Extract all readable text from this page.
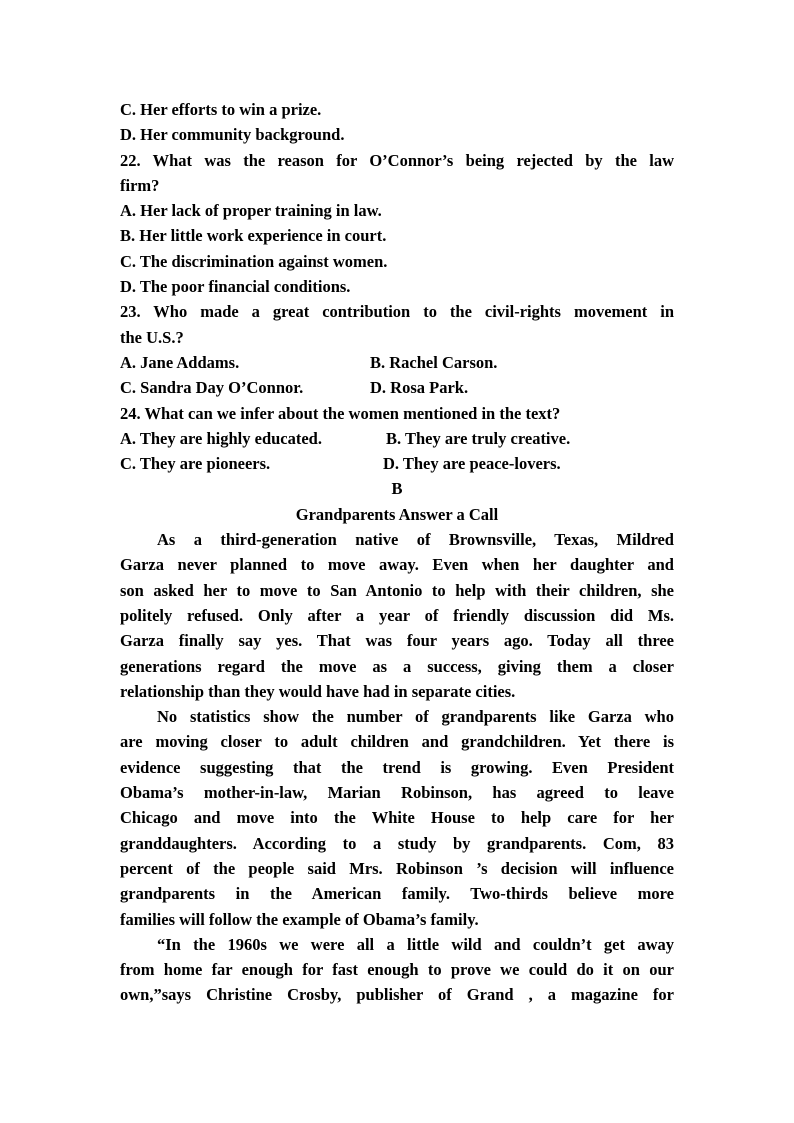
C. Her efforts to win a prize.

D. Her community background.

22. What was the reason for O’Connor’s being rejected by the law

firm?

A. Her lack of proper training in law.

B. Her little work experience in court.

C. The discrimination against women.

D. The poor financial conditions.

23. Who made a great contribution to the civil-rights movement in

the U.S.?

A. Jane Addams.	B. Rachel Carson.
C. Sandra Day O’Connor.	D. Rosa Park.

24. What can we infer about the women mentioned in the text?

A. They are highly educated.	B. They are truly creative.
C. They are pioneers.	D. They are peace-lovers.

B

Grandparents Answer a Call

As a third-generation native of Brownsville, Texas, Mildred

Garza never planned to move away. Even when her daughter and

son asked her to move to San Antonio to help with their children, she

politely refused. Only after a year of friendly discussion did Ms.

Garza finally say yes. That was four years ago. Today all three

generations regard the move as a success, giving them a closer

relationship than they would have had in separate cities.

No statistics show the number of grandparents like Garza who

are moving closer to adult children and grandchildren. Yet there is

evidence suggesting that the trend is growing. Even President

Obama’s mother-in-law, Marian Robinson, has agreed to leave

Chicago and move into the White House to help care for her

granddaughters. According to a study by grandparents. Com, 83

percent of the people said Mrs. Robinson ’s decision will influence

grandparents in the American family. Two-thirds believe more

families will follow the example of Obama’s family.

“In the 1960s we were all a little wild and couldn’t get away

from home far enough for fast enough to prove we could do it on our

own,”says Christine Crosby, publisher of Grand , a magazine for
